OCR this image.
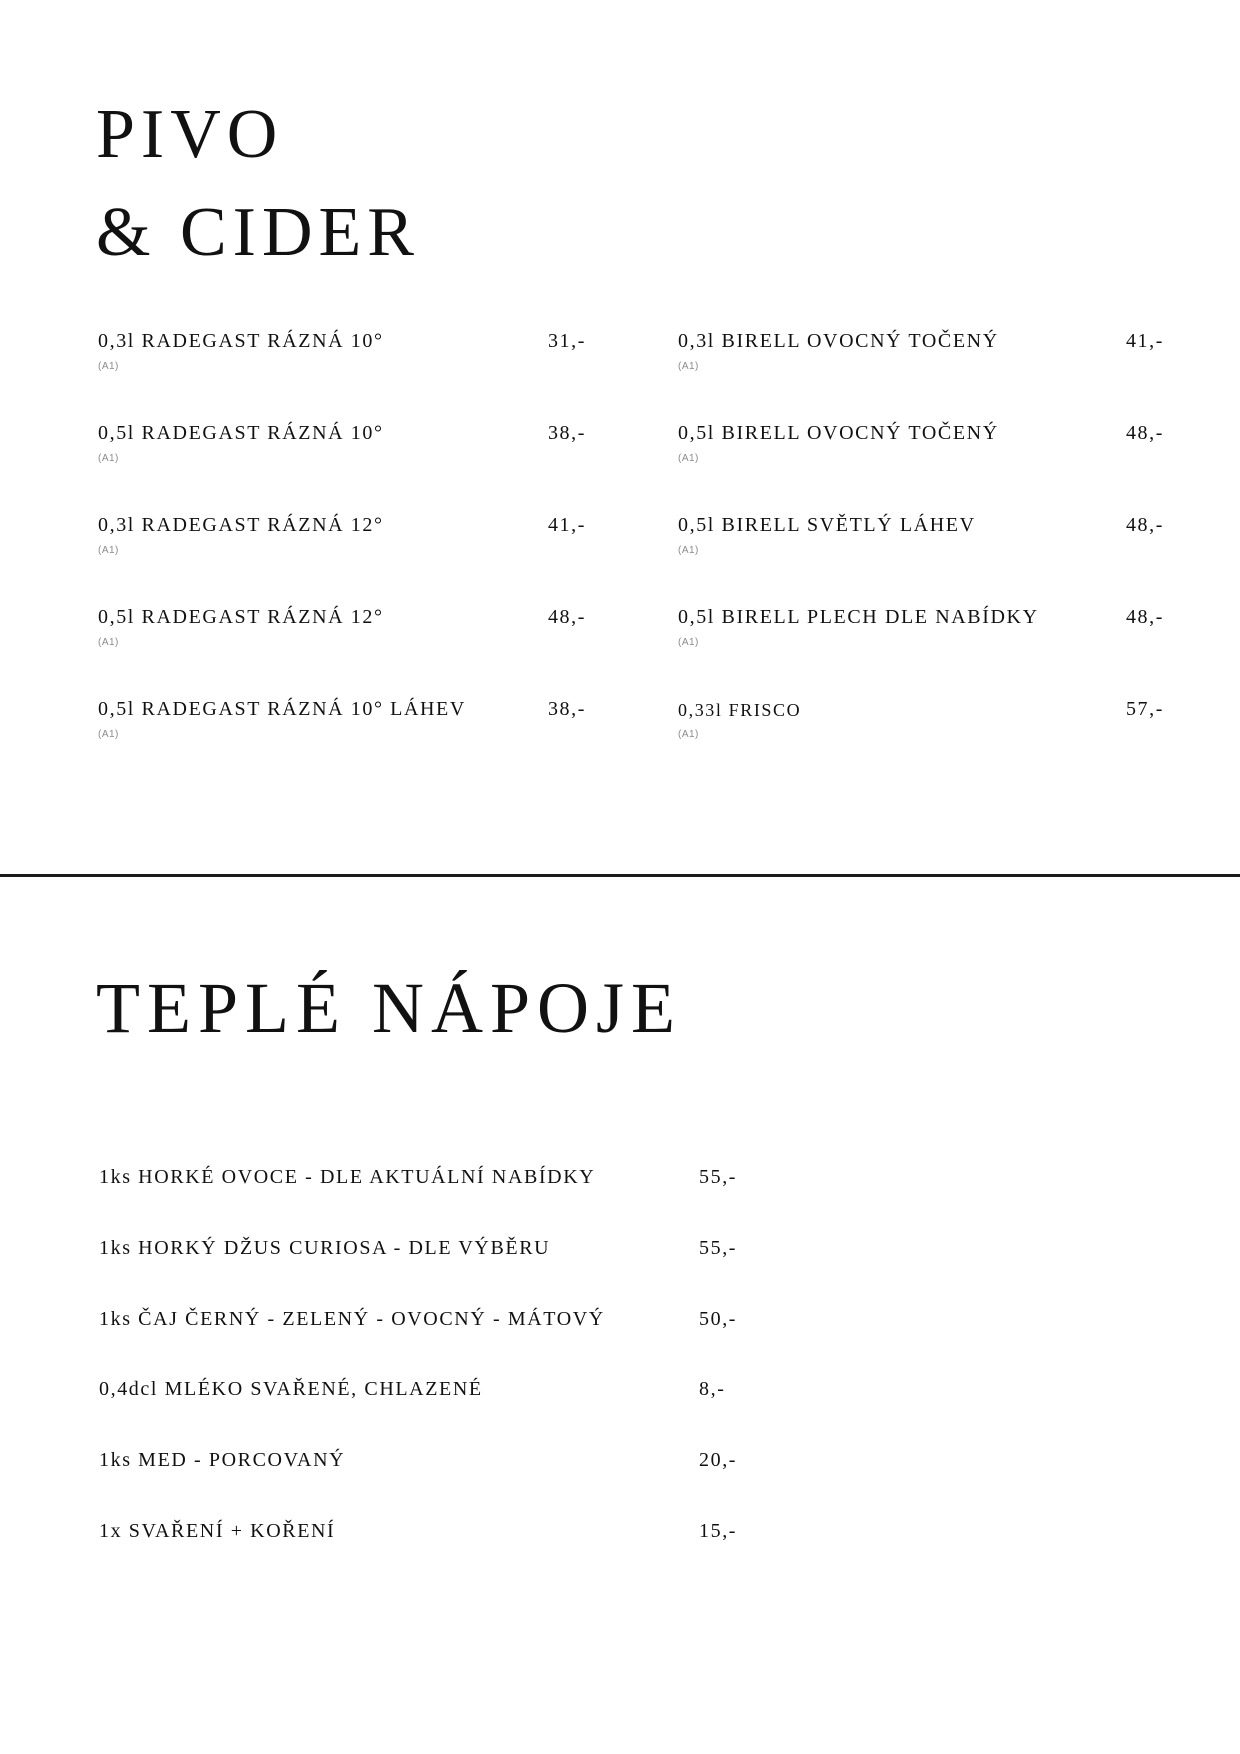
PIVO
& CIDER
0,3l RADEGAST RÁZNÁ 10°	31,-
(A1)
0,5l RADEGAST RÁZNÁ 10°	38,-
(A1)
0,3l RADEGAST RÁZNÁ 12°	41,-
(A1)
0,5l RADEGAST RÁZNÁ 12°	48,-
(A1)
0,5l RADEGAST RÁZNÁ 10° LÁHEV	38,-
(A1)
0,3l BIRELL OVOCNÝ TOČENÝ	41,-
(A1)
0,5l BIRELL OVOCNÝ TOČENÝ	48,-
(A1)
0,5l BIRELL SVĚTLÝ LÁHEV	48,-
(A1)
0,5l BIRELL PLECH DLE NABÍDKY	48,-
(A1)
0,33l FRISCO	57,-
(A1)
TEPLÉ NÁPOJE
1ks HORKÉ OVOCE - DLE AKTUÁLNÍ NABÍDKY	55,-
1ks HORKÝ DŽUS CURIOSA - DLE VÝBĚRU	55,-
1ks ČAJ ČERNÝ - ZELENÝ - OVOCNÝ - MÁTOVÝ	50,-
0,4dcl MLÉKO SVAŘENÉ, CHLAZENÉ	8,-
1ks MED - PORCOVANÝ	20,-
1x SVAŘENÍ + KOŘENÍ	15,-
